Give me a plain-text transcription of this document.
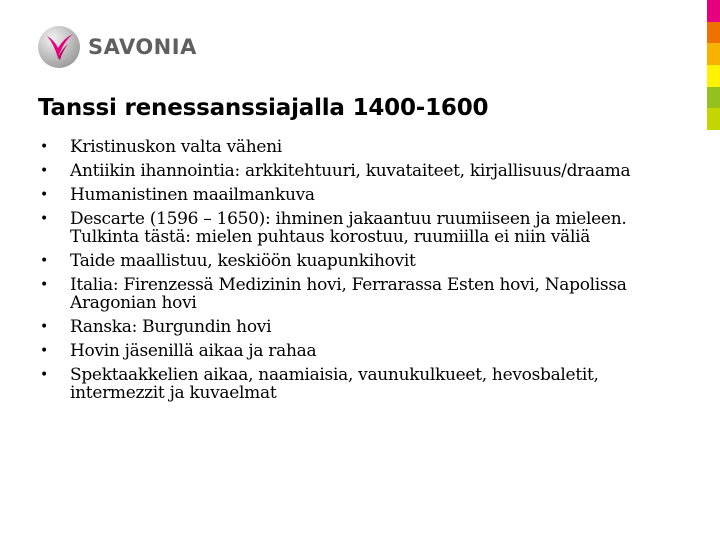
SAVONIA
Tanssi renessanssiajalla 1400-1600
• Kristinuskon valta väheni
• Antiikin ihannointia: arkkitehtuuri, kuvataiteet, kirjallisuus/draama
• Humanistinen maailmankuva
• Descarte (1596 – 1650): ihminen jakaantuu ruumiiseen ja mieleen. Tulkinta tästä: mielen puhtaus korostuu, ruumiilla ei niin väliä
• Taide maallistuu, keskiöön kuapunkihovit
• Italia: Firenzessä Medizinin hovi, Ferrarassa Esten hovi, Napolissa Aragonian hovi
• Ranska: Burgundin hovi
• Hovin jäsenillä aikaa ja rahaa
• Spektaakkelien aikaa, naamiaisia, vaunukulkueet, hevosbaletit, intermezzit ja kuvaelmat
